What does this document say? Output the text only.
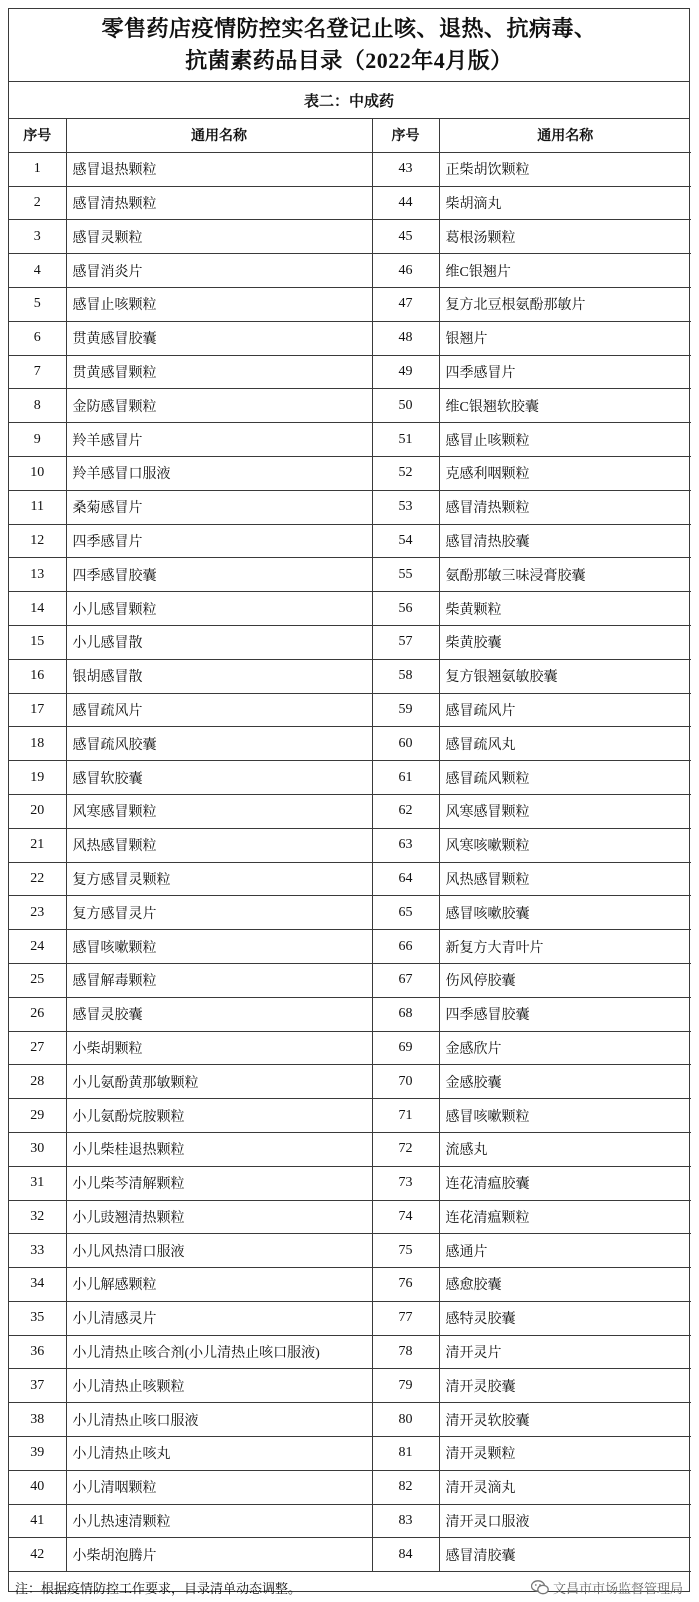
零售药店疫情防控实名登记止咳、退热、抗病毒、
抗菌素药品目录（2022年4月版）
表二：中成药
序号	通用名称	序号	通用名称
1	感冒退热颗粒	43	正柴胡饮颗粒
2	感冒清热颗粒	44	柴胡滴丸
3	感冒灵颗粒	45	葛根汤颗粒
4	感冒消炎片	46	维C银翘片
5	感冒止咳颗粒	47	复方北豆根氨酚那敏片
6	贯黄感冒胶囊	48	银翘片
7	贯黄感冒颗粒	49	四季感冒片
8	金防感冒颗粒	50	维C银翘软胶囊
9	羚羊感冒片	51	感冒止咳颗粒
10	羚羊感冒口服液	52	克感利咽颗粒
11	桑菊感冒片	53	感冒清热颗粒
12	四季感冒片	54	感冒清热胶囊
13	四季感冒胶囊	55	氨酚那敏三味浸膏胶囊
14	小儿感冒颗粒	56	柴黄颗粒
15	小儿感冒散	57	柴黄胶囊
16	银胡感冒散	58	复方银翘氨敏胶囊
17	感冒疏风片	59	感冒疏风片
18	感冒疏风胶囊	60	感冒疏风丸
19	感冒软胶囊	61	感冒疏风颗粒
20	风寒感冒颗粒	62	风寒感冒颗粒
21	风热感冒颗粒	63	风寒咳嗽颗粒
22	复方感冒灵颗粒	64	风热感冒颗粒
23	复方感冒灵片	65	感冒咳嗽胶囊
24	感冒咳嗽颗粒	66	新复方大青叶片
25	感冒解毒颗粒	67	伤风停胶囊
26	感冒灵胶囊	68	四季感冒胶囊
27	小柴胡颗粒	69	金感欣片
28	小儿氨酚黄那敏颗粒	70	金感胶囊
29	小儿氨酚烷胺颗粒	71	感冒咳嗽颗粒
30	小儿柴桂退热颗粒	72	流感丸
31	小儿柴芩清解颗粒	73	连花清瘟胶囊
32	小儿豉翘清热颗粒	74	连花清瘟颗粒
33	小儿风热清口服液	75	感通片
34	小儿解感颗粒	76	感愈胶囊
35	小儿清感灵片	77	感特灵胶囊
36	小儿清热止咳合剂(小儿清热止咳口服液)	78	清开灵片
37	小儿清热止咳颗粒	79	清开灵胶囊
38	小儿清热止咳口服液	80	清开灵软胶囊
39	小儿清热止咳丸	81	清开灵颗粒
40	小儿清咽颗粒	82	清开灵滴丸
41	小儿热速清颗粒	83	清开灵口服液
42	小柴胡泡腾片	84	感冒清胶囊
注：根据疫情防控工作要求，目录清单动态调整。	文昌市市场监督管理局
